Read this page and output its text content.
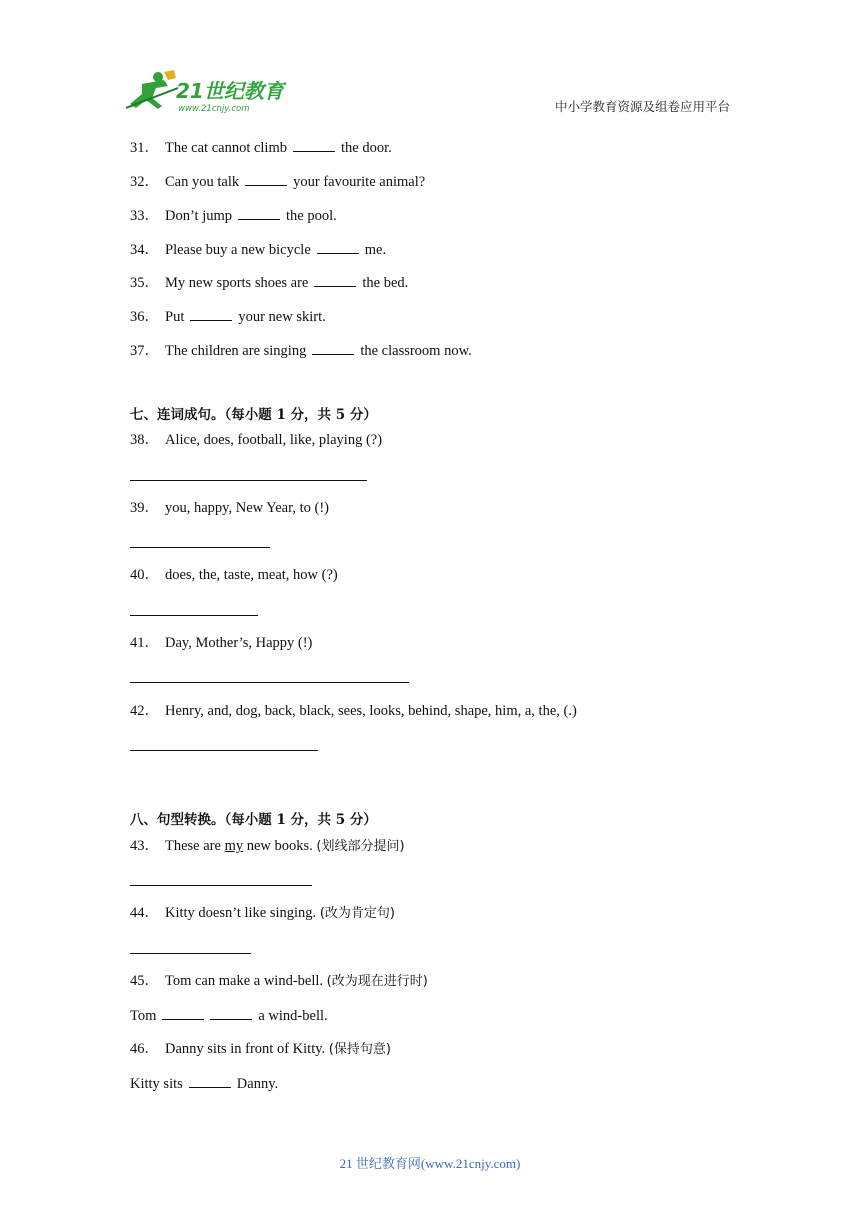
21世纪教育
www.21cnjy.com	中小学教育资源及组卷应用平台
31． The cat cannot climb	the door.
32． Can you talk	your favourite animal?
33． Don’t jump	the pool.
34． Please buy a new bicycle	me.
35． My new sports shoes are	the bed.
36． Put	your new skirt.
37． The children are singing	the classroom now.
七、连词成句。（每小题 1 分，共 5 分）
38． Alice, does, football, like, playing (?)
39． you, happy, New Year, to (!)
40． does, the, taste, meat, how (?)
41． Day, Mother’s, Happy (!)
42． Henry, and, dog, back, black, sees, looks, behind, shape, him, a, the, (.)
八、句型转换。（每小题 1 分，共 5 分）
43． These are my new books. (划线部分提问)
44． Kitty doesn’t like singing. (改为肯定句)
45． Tom can make a wind-bell. (改为现在进行时)
Tom	a wind-bell.
46． Danny sits in front of Kitty. (保持句意)
Kitty sits	Danny.
21 世纪教育网(www.21cnjy.com)
